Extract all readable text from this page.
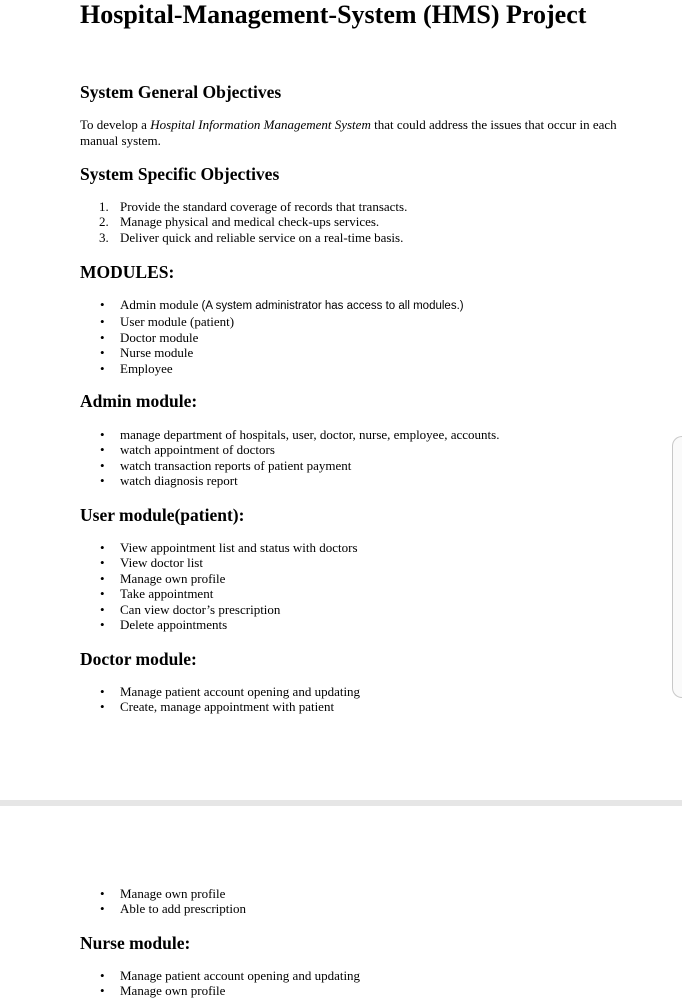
Hospital-Management-System (HMS) Project
System General Objectives

To develop a Hospital Information Management System that could address the issues that occur in each manual system.

System Specific Objectives
1. Provide the standard coverage of records that transacts.
2. Manage physical and medical check-ups services.
3. Deliver quick and reliable service on a real-time basis.
MODULES:
• Admin module (A system administrator has access to all modules.)
• User module (patient)
• Doctor module
• Nurse module
• Employee
Admin module:
• manage department of hospitals, user, doctor, nurse, employee, accounts.
• watch appointment of doctors
• watch transaction reports of patient payment
• watch diagnosis report
User module(patient):
• View appointment list and status with doctors
• View doctor list
• Manage own profile
• Take appointment
• Can view doctor’s prescription
• Delete appointments
Doctor module:
• Manage patient account opening and updating
• Create, manage appointment with patient
• Manage own profile
• Able to add prescription
Nurse module:
• Manage patient account opening and updating
• Manage own profile
